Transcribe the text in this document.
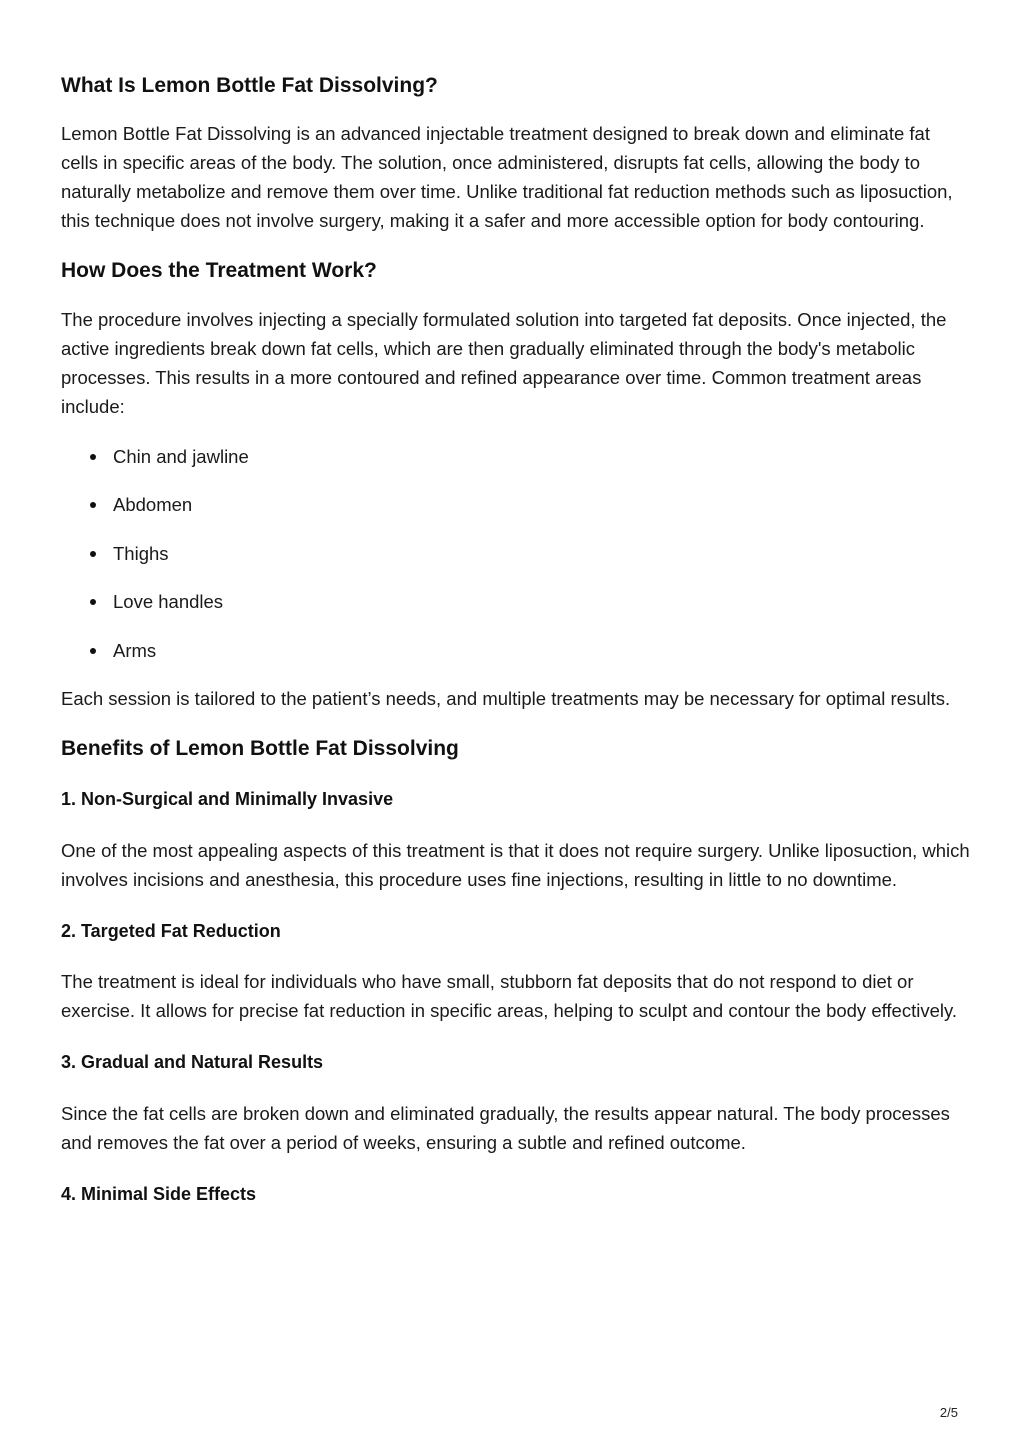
What Is Lemon Bottle Fat Dissolving?

Lemon Bottle Fat Dissolving is an advanced injectable treatment designed to break down and eliminate fat cells in specific areas of the body. The solution, once administered, disrupts fat cells, allowing the body to naturally metabolize and remove them over time. Unlike traditional fat reduction methods such as liposuction, this technique does not involve surgery, making it a safer and more accessible option for body contouring.

How Does the Treatment Work?

The procedure involves injecting a specially formulated solution into targeted fat deposits. Once injected, the active ingredients break down fat cells, which are then gradually eliminated through the body's metabolic processes. This results in a more contoured and refined appearance over time. Common treatment areas include:

Chin and jawline
Abdomen
Thighs
Love handles
Arms

Each session is tailored to the patient’s needs, and multiple treatments may be necessary for optimal results.

Benefits of Lemon Bottle Fat Dissolving
1. Non-Surgical and Minimally Invasive

One of the most appealing aspects of this treatment is that it does not require surgery. Unlike liposuction, which involves incisions and anesthesia, this procedure uses fine injections, resulting in little to no downtime.

2. Targeted Fat Reduction

The treatment is ideal for individuals who have small, stubborn fat deposits that do not respond to diet or exercise. It allows for precise fat reduction in specific areas, helping to sculpt and contour the body effectively.

3. Gradual and Natural Results

Since the fat cells are broken down and eliminated gradually, the results appear natural. The body processes and removes the fat over a period of weeks, ensuring a subtle and refined outcome.

4. Minimal Side Effects
2/5
